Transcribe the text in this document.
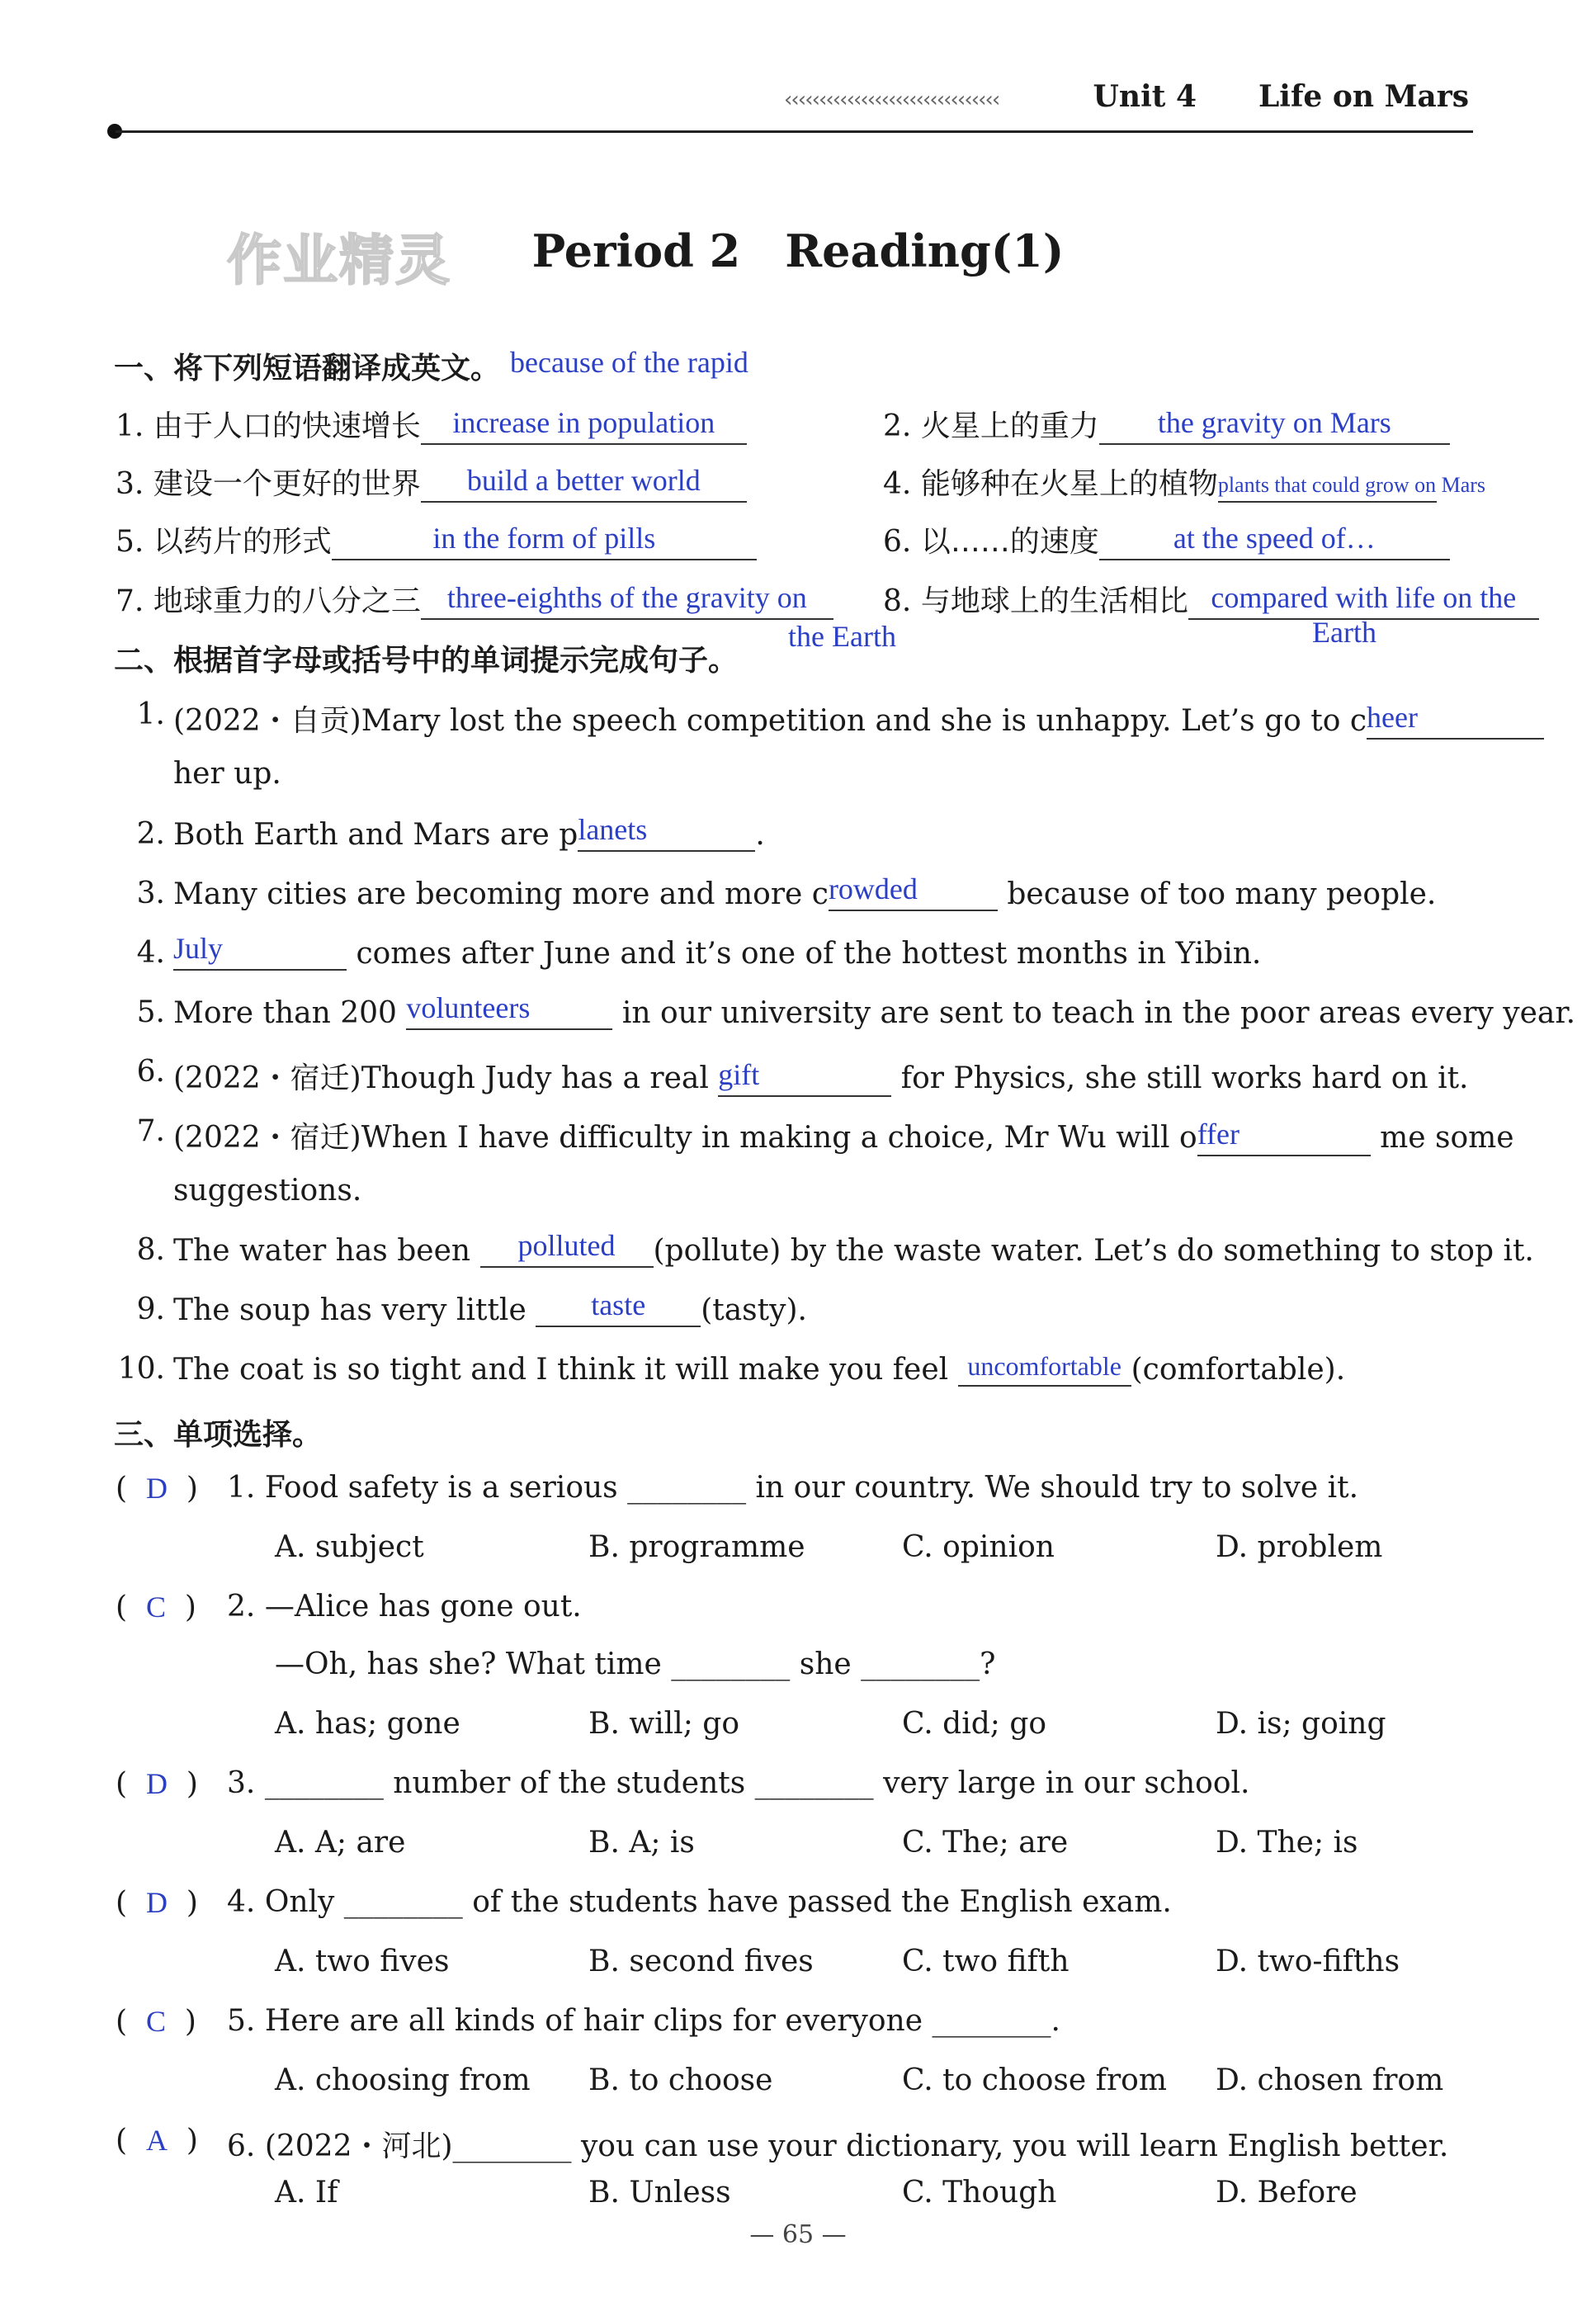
‹‹‹‹‹‹‹‹‹‹‹‹‹‹‹‹‹‹‹‹‹‹‹‹‹‹‹‹‹‹‹	Unit 4 Life on Mars
作业精灵	Period 2　Reading(1)
一、将下列短语翻译成英文。 because of the rapid
1. 由于人口的快速增长	increase in population	2. 火星上的重力	the gravity on Mars
3. 建设一个更好的世界	build a better world	4. 能够种在火星上的植物 plants that could grow on Mars
5. 以药片的形式	in the form of pills	6. 以……的速度	at the speed of…
7. 地球重力的八分之三 three-eighths of the gravity on	8. 与地球上的生活相比 compared with life on the
the Earth	Earth
二、根据首字母或括号中的单词提示完成句子。
1. (2022・自贡)Mary lost the speech competition and she is unhappy. Let’s go to c heer
her up.
2. Both Earth and Mars are p lanets	.
3. Many cities are becoming more and more c rowded	because of too many people.
4. July	comes after June and it’s one of the hottest months in Yibin.
5. More than 200 volunteers	in our university are sent to teach in the poor areas every year.
6. (2022・宿迁)Though Judy has a real gift	for Physics, she still works hard on it.
7. (2022・宿迁)When I have difficulty in making a choice, Mr Wu will o ffer	me some
suggestions.
8. The water has been	polluted	(pollute) by the waste water. Let’s do something to stop it.
9. The soup has very little	taste	(tasty).
10. The coat is so tight and I think it will make you feel uncomfortable (comfortable).
三、单项选择。
(  D  ) 1. Food safety is a serious ________ in our country. We should try to solve it.
A. subject	B. programme	C. opinion	D. problem
(  C  ) 2. —Alice has gone out.
—Oh, has she? What time ________ she ________?
A. has; gone	B. will; go	C. did; go	D. is; going
(  D  ) 3. ________ number of the students ________ very large in our school.
A. A; are	B. A; is	C. The; are	D. The; is
(  D  ) 4. Only ________ of the students have passed the English exam.
A. two fives	B. second fives	C. two fifth	D. two-fifths
(  C  ) 5. Here are all kinds of hair clips for everyone ________.
A. choosing from B. to choose	C. to choose from D. chosen from
(  A  ) 6. (2022・河北)________ you can use your dictionary, you will learn English better.
A. If	B. Unless	C. Though	D. Before
— 65 —
